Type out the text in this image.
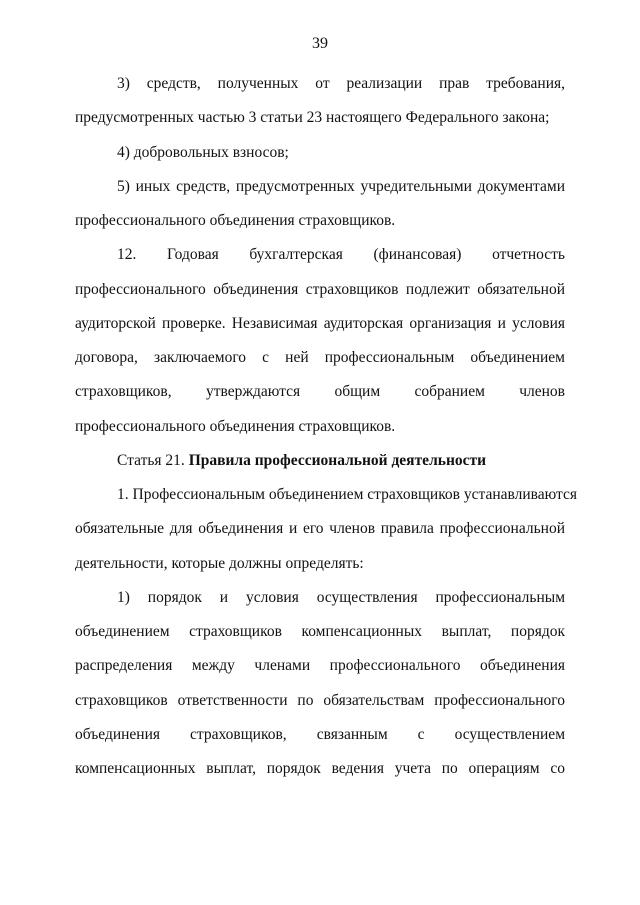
39
3) средств, полученных от реализации прав требования,
предусмотренных частью 3 статьи 23 настоящего Федерального закона;
4) добровольных взносов;
5) иных средств, предусмотренных учредительными документами
профессионального объединения страховщиков.
12. Годовая бухгалтерская (финансовая) отчетность
профессионального объединения страховщиков подлежит обязательной
аудиторской проверке. Независимая аудиторская организация и условия
договора, заключаемого с ней профессиональным объединением
страховщиков, утверждаются общим собранием членов
профессионального объединения страховщиков.
Статья 21. Правила профессиональной деятельности
1. Профессиональным объединением страховщиков устанавливаются
обязательные для объединения и его членов правила профессиональной
деятельности, которые должны определять:
1) порядок и условия осуществления профессиональным
объединением страховщиков компенсационных выплат, порядок
распределения между членами профессионального объединения
страховщиков ответственности по обязательствам профессионального
объединения страховщиков, связанным с осуществлением
компенсационных выплат, порядок ведения учета по операциям со
